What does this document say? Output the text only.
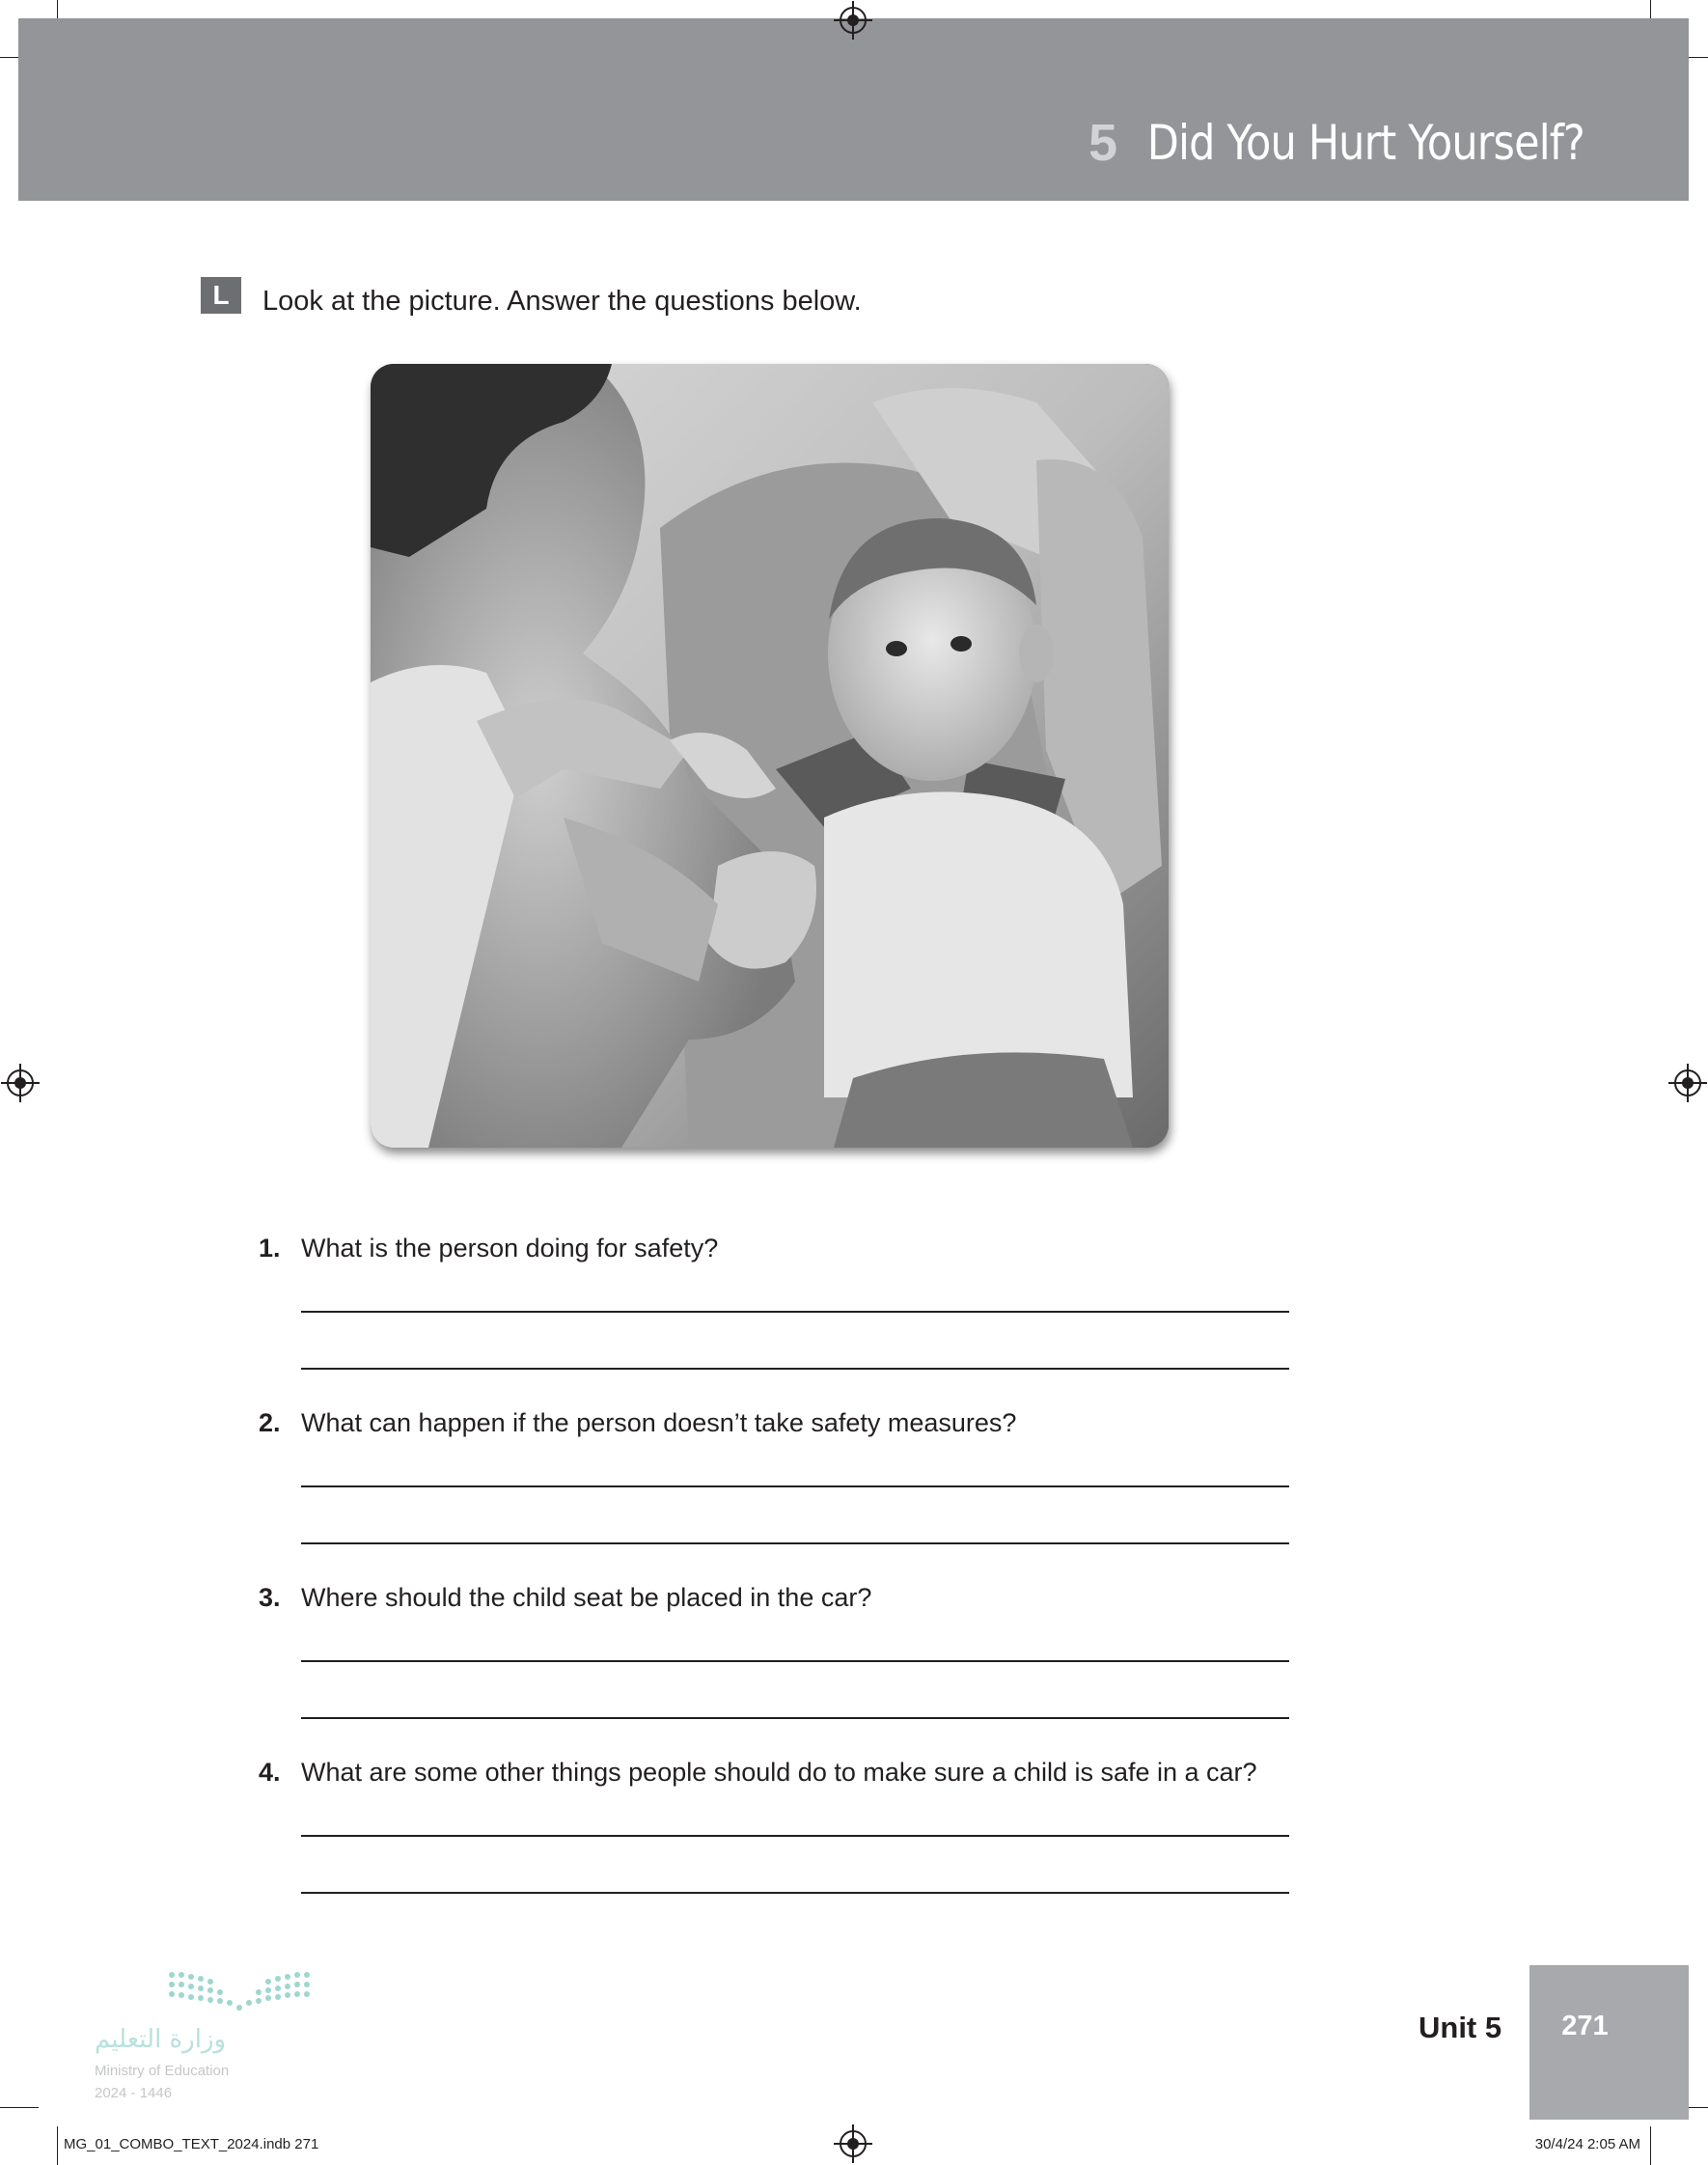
5 Did You Hurt Yourself?
L	Look at the picture. Answer the questions below.
1. What is the person doing for safety?
2. What can happen if the person doesn’t take safety measures?
3. Where should the child seat be placed in the car?
4. What are some other things people should do to make sure a child is safe in a car?
وزارة التعليم
Ministry of Education
2024 - 1446
Unit 5	271
MG_01_COMBO_TEXT_2024.indb 271	30/4/24 2:05 AM
